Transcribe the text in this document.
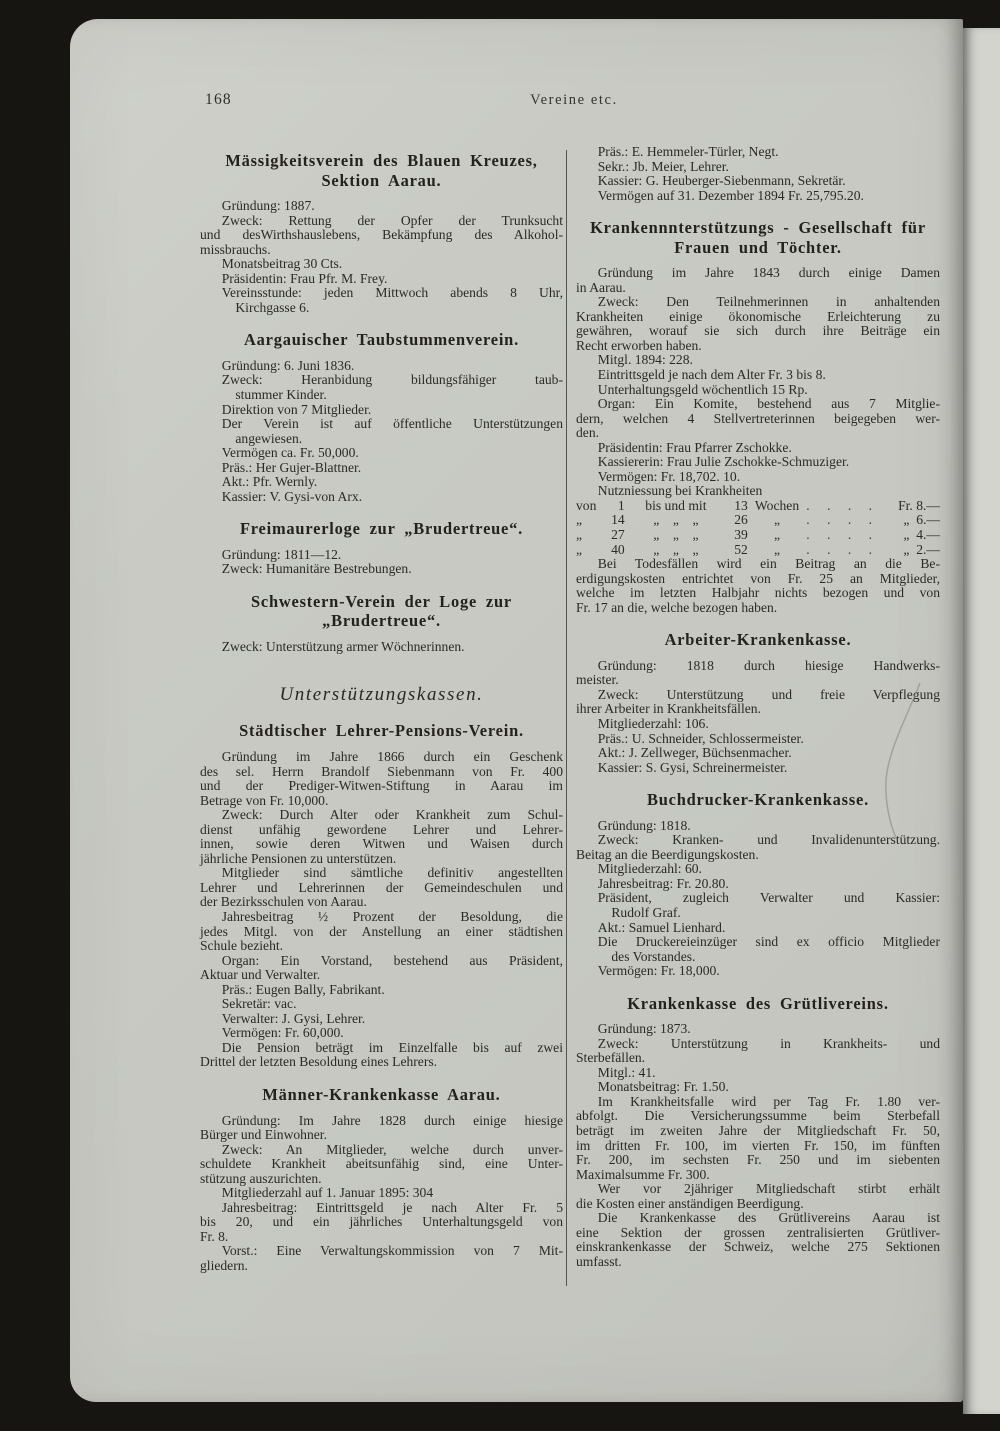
168	Vereine etc.
Mässigkeitsverein des Blauen Kreuzes,
Sektion Aarau.
Gründung: 1887.
Zweck: Rettung der Opfer der Trunksucht
und desWirthshauslebens, Bekämpfung des Alkohol-
missbrauchs.
Monatsbeitrag 30 Cts.
Präsidentin: Frau Pfr. M. Frey.
Vereinsstunde: jeden Mittwoch abends 8 Uhr,
Kirchgasse 6.
Aargauischer Taubstummenverein.
Gründung: 6. Juni 1836.
Zweck: Heranbidung bildungsfähiger taub-
stummer Kinder.
Direktion von 7 Mitglieder.
Der Verein ist auf öffentliche Unterstützungen
angewiesen.
Vermögen ca. Fr. 50,000.
Präs.: Her Gujer-Blattner.
Akt.: Pfr. Wernly.
Kassier: V. Gysi-von Arx.
Freimaurerloge zur „Brudertreue“.
Gründung: 1811—12.
Zweck: Humanitäre Bestrebungen.
Schwestern-Verein der Loge zur
„Brudertreue“.
Zweck: Unterstützung armer Wöchnerinnen.
Unterstützungskassen.
Städtischer Lehrer-Pensions-Verein.
Gründung im Jahre 1866 durch ein Geschenk
des sel. Herrn Brandolf Siebenmann von Fr. 400
und der Prediger-Witwen-Stiftung in Aarau im
Betrage von Fr. 10,000.
Zweck: Durch Alter oder Krankheit zum Schul-
dienst unfähig gewordene Lehrer und Lehrer-
innen, sowie deren Witwen und Waisen durch
jährliche Pensionen zu unterstützen.
Mitglieder sind sämtliche definitiv angestellten
Lehrer und Lehrerinnen der Gemeindeschulen und
der Bezirksschulen von Aarau.
Jahresbeitrag ½ Prozent der Besoldung, die
jedes Mitgl. von der Anstellung an einer städtishen
Schule bezieht.
Organ: Ein Vorstand, bestehend aus Präsident,
Aktuar und Verwalter.
Präs.: Eugen Bally, Fabrikant.
Sekretär: vac.
Verwalter: J. Gysi, Lehrer.
Vermögen: Fr. 60,000.
Die Pension beträgt im Einzelfalle bis auf zwei
Drittel der letzten Besoldung eines Lehrers.
Männer-Krankenkasse Aarau.
Gründung: Im Jahre 1828 durch einige hiesige
Bürger und Einwohner.
Zweck: An Mitglieder, welche durch unver-
schuldete Krankheit abeitsunfähig sind, eine Unter-
stützung auszurichten.
Mitgliederzahl auf 1. Januar 1895: 304
Jahresbeitrag: Eintrittsgeld je nach Alter Fr. 5
bis 20, und ein jährliches Unterhaltungsgeld von
Fr. 8.
Vorst.: Eine Verwaltungskommission von 7 Mit-
gliedern.
Präs.: E. Hemmeler-Türler, Negt.
Sekr.: Jb. Meier, Lehrer.
Kassier: G. Heuberger-Siebenmann, Sekretär.
Vermögen auf 31. Dezember 1894 Fr. 25,795.20.
Krankennnterstützungs - Gesellschaft für
Frauen und Töchter.
Gründung im Jahre 1843 durch einige Damen
in Aarau.
Zweck: Den Teilnehmerinnen in anhaltenden
Krankheiten einige ökonomische Erleichterung zu
gewähren, worauf sie sich durch ihre Beiträge ein
Recht erworben haben.
Mitgl. 1894: 228.
Eintrittsgeld je nach dem Alter Fr. 3 bis 8.
Unterhaltungsgeld wöchentlich 15 Rp.
Organ: Ein Komite, bestehend aus 7 Mitglie-
dern, welchen 4 Stellvertreterinnen beigegeben wer-
den.
Präsidentin: Frau Pfarrer Zschokke.
Kassiererin: Frau Julie Zschokke-Schmuziger.
Vermögen: Fr. 18,702. 10.
Nutzniessung bei Krankheiten
von	1	bis und mit	13 Wochen . . . .	Fr. 8.—
„	14	„    „    „	26	„	. . . .	„  6.—
„	27	„    „    „	39	„	. . . .	„  4.—
„	40	„    „    „	52	„	. . . .	„  2.—
Bei Todesfällen wird ein Beitrag an die Be-
erdigungskosten entrichtet von Fr. 25 an Mitglieder,
welche im letzten Halbjahr nichts bezogen und von
Fr. 17 an die, welche bezogen haben.
Arbeiter-Krankenkasse.
Gründung: 1818 durch hiesige Handwerks-
meister.
Zweck: Unterstützung und freie Verpflegung
ihrer Arbeiter in Krankheitsfällen.
Mitgliederzahl: 106.
Präs.: U. Schneider, Schlossermeister.
Akt.: J. Zellweger, Büchsenmacher.
Kassier: S. Gysi, Schreinermeister.
Buchdrucker-Krankenkasse.
Gründung: 1818.
Zweck: Kranken- und Invalidenunterstützung.
Beitag an die Beerdigungskosten.
Mitgliederzahl: 60.
Jahresbeitrag: Fr. 20.80.
Präsident, zugleich Verwalter und Kassier:
Rudolf Graf.
Akt.: Samuel Lienhard.
Die Druckereieinzüger sind ex officio Mitglieder
des Vorstandes.
Vermögen: Fr. 18,000.
Krankenkasse des Grütlivereins.
Gründung: 1873.
Zweck: Unterstützung in Krankheits- und
Sterbefällen.
Mitgl.: 41.
Monatsbeitrag: Fr. 1.50.
Im Krankheitsfalle wird per Tag Fr. 1.80 ver-
abfolgt. Die Versicherungssumme beim Sterbefall
beträgt im zweiten Jahre der Mitgliedschaft Fr. 50,
im dritten Fr. 100, im vierten Fr. 150, im fünften
Fr. 200, im sechsten Fr. 250 und im siebenten
Maximalsumme Fr. 300.
Wer vor 2jähriger Mitgliedschaft stirbt erhält
die Kosten einer anständigen Beerdigung.
Die Krankenkasse des Grütlivereins Aarau ist
eine Sektion der grossen zentralisierten Grütliver-
einskrankenkasse der Schweiz, welche 275 Sektionen
umfasst.
